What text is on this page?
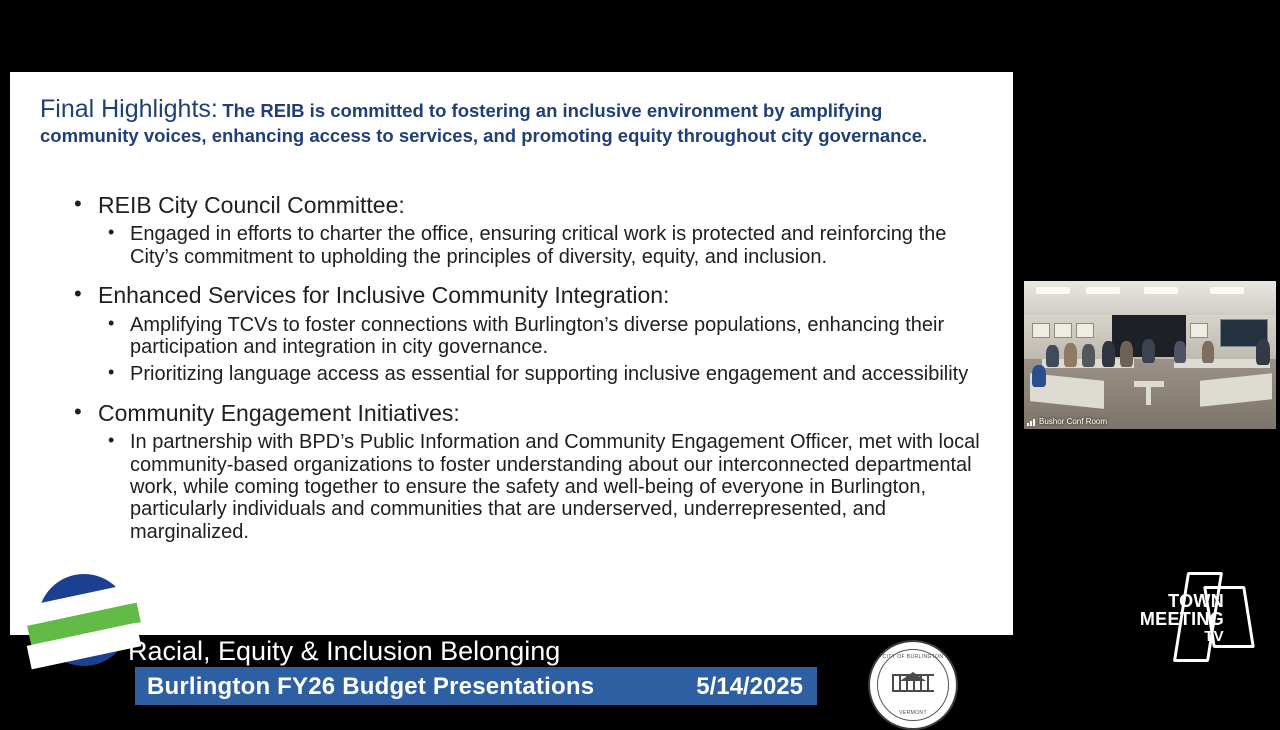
Final Highlights: The REIB is committed to fostering an inclusive environment by amplifying community voices, enhancing access to services, and promoting equity throughout city governance.
• REIB City Council Committee:
• Engaged in efforts to charter the office, ensuring critical work is protected and reinforcing the City’s commitment to upholding the principles of diversity, equity, and inclusion.
• Enhanced Services for Inclusive Community Integration:
• Amplifying TCVs to foster connections with Burlington’s diverse populations, enhancing their participation and integration in city governance.
• Prioritizing language access as essential for supporting inclusive engagement and accessibility
• Community Engagement Initiatives:
• In partnership with BPD’s Public Information and Community Engagement Officer, met with local community-based organizations to foster understanding about our interconnected departmental work, while coming together to ensure the safety and well-being of everyone in Burlington, particularly individuals and communities that are underserved, underrepresented, and marginalized.
Burlington FY26 Budget Presentations	5/14/2025
CITY OF BURLINGTON
VERMONT
Racial, Equity & Inclusion Belonging
Bushor Conf Room
TOWN
MEETING
TV
